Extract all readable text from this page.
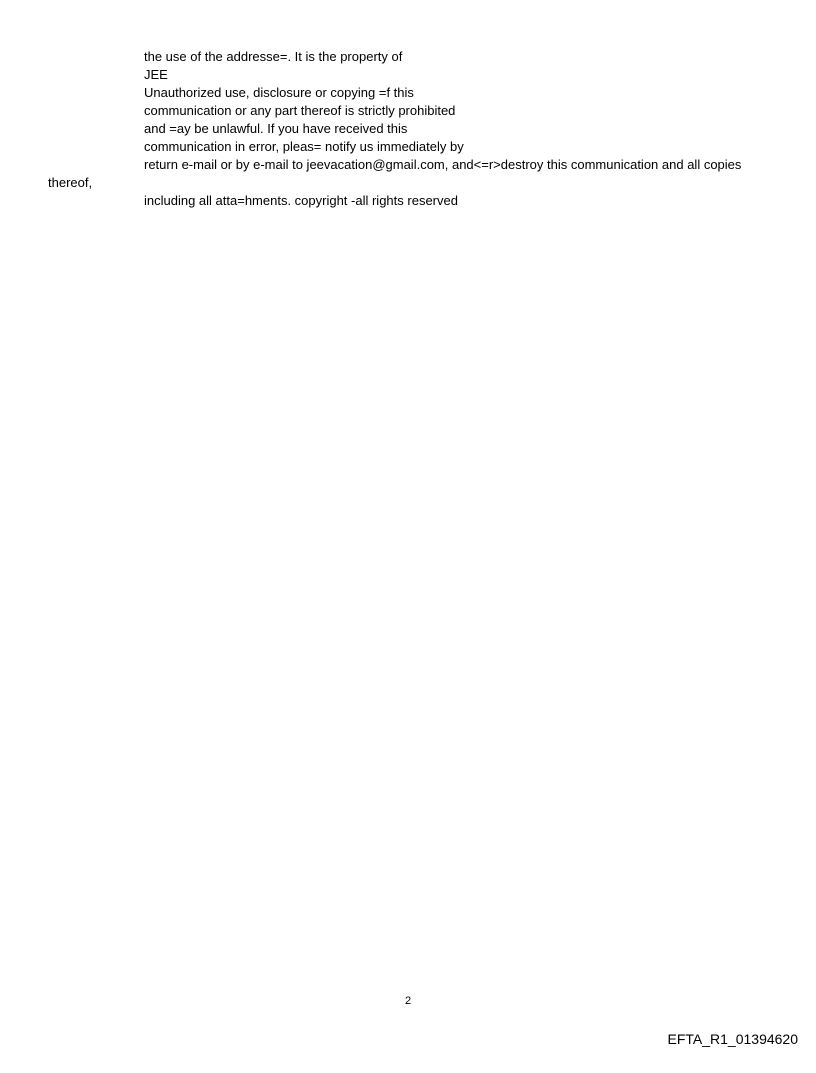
the use of the addresse=. It is the property of
JEE
Unauthorized use, disclosure or copying =f this
communication or any part thereof is strictly prohibited
and =ay be unlawful. If you have received this
communication in error, pleas= notify us immediately by
return e-mail or by e-mail to jeevacation@gmail.com, and<=r>destroy this communication and all copies
thereof,
including all atta=hments. copyright -all rights reserved
2
EFTA_R1_01394620
